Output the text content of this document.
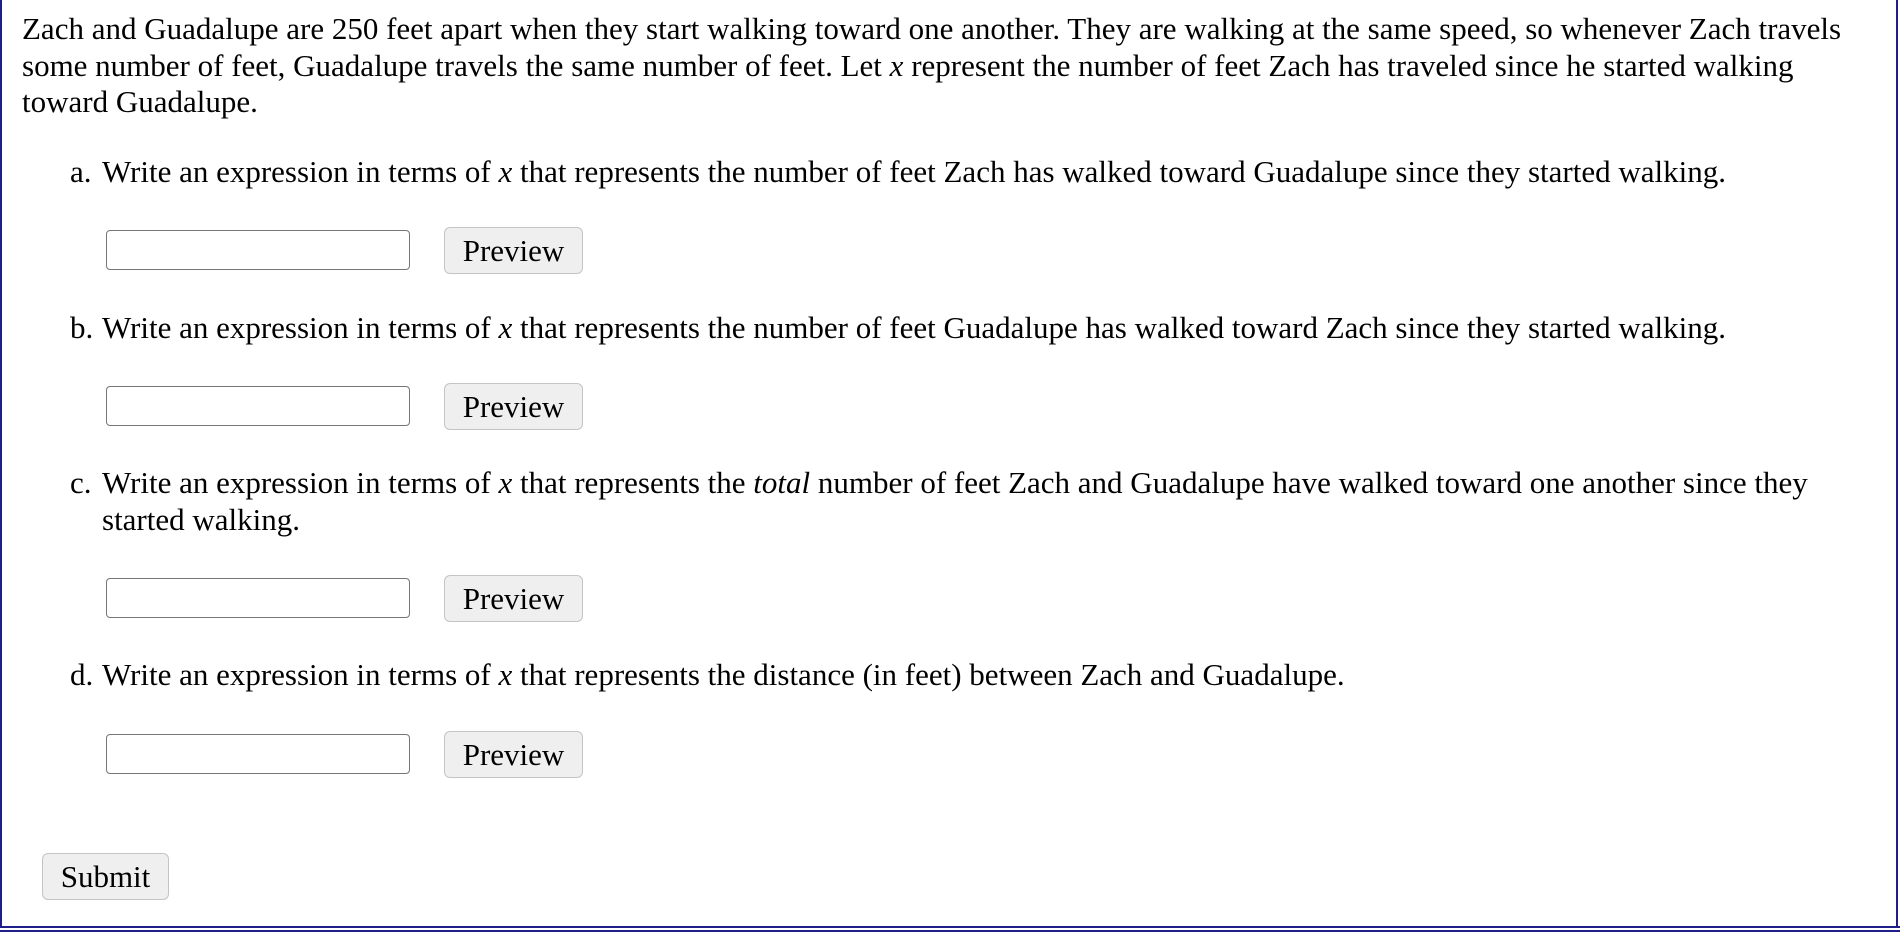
Zach and Guadalupe are 250 feet apart when they start walking toward one another. They are walking at the same speed, so whenever Zach travels some number of feet, Guadalupe travels the same number of feet. Let x represent the number of feet Zach has traveled since he started walking toward Guadalupe.
a. Write an expression in terms of x that represents the number of feet Zach has walked toward Guadalupe since they started walking.
Preview
b. Write an expression in terms of x that represents the number of feet Guadalupe has walked toward Zach since they started walking.
Preview
c. Write an expression in terms of x that represents the total number of feet Zach and Guadalupe have walked toward one another since they
started walking.
Preview
d. Write an expression in terms of x that represents the distance (in feet) between Zach and Guadalupe.
Preview
Submit
